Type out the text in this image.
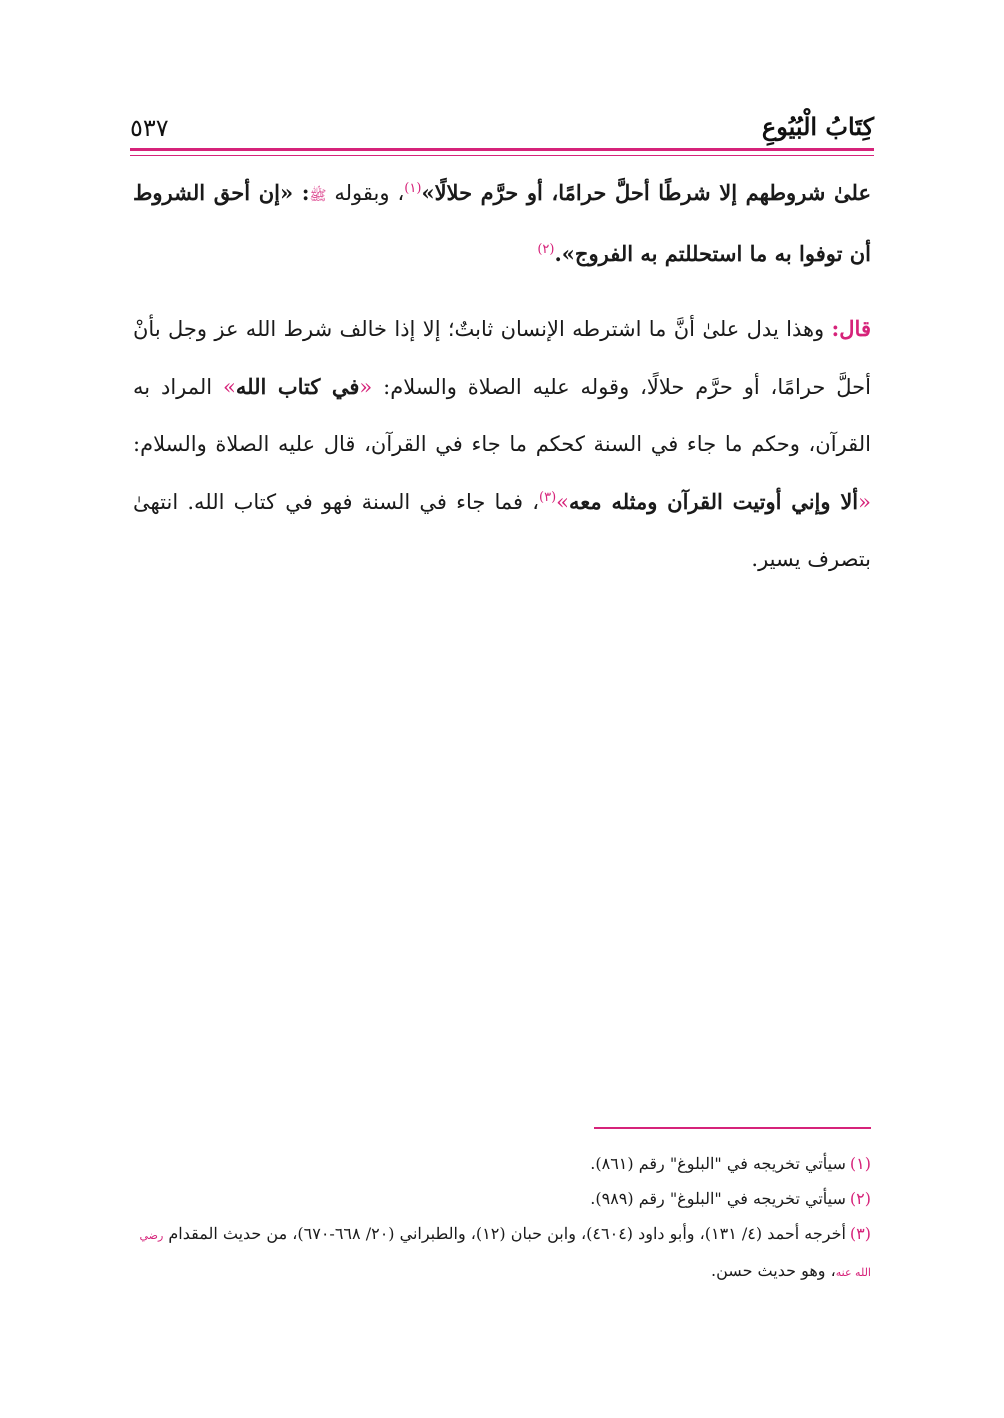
٥٣٧	كِتَابُ الْبُيُوعِ
علىٰ شروطهم إلا شرطًا أحلَّ حرامًا، أو حرَّم حلالًا»$^{(١)}$، وبقوله ﷺ: «إن أحق الشروط أن توفوا به ما استحللتم به الفروج».$^{(٢)}$
قال: وهذا يدل علىٰ أنَّ ما اشترطه الإنسان ثابتٌ؛ إلا إذا خالف شرط الله عز وجل بأنْ أحلَّ حرامًا، أو حرَّم حلالًا، وقوله عليه الصلاة والسلام: «في كتاب الله» المراد به القرآن، وحكم ما جاء في السنة كحكم ما جاء في القرآن، قال عليه الصلاة والسلام: «ألا وإني أوتيت القرآن ومثله معه»$^{(٣)}$، فما جاء في السنة فهو في كتاب الله. انتهىٰ بتصرف يسير.

(١)سيأتي تخريجه في "البلوغ" رقم (٨٦١).

(٢)سيأتي تخريجه في "البلوغ" رقم (٩٨٩).

(٣)أخرجه أحمد (٤/ ١٣١)، وأبو داود (٤٦٠٤)، وابن حبان (١٢)، والطبراني (٢٠/ ٦٦٨-٦٧٠)، من حديث المقدام رضي الله عنه، وهو حديث حسن.
